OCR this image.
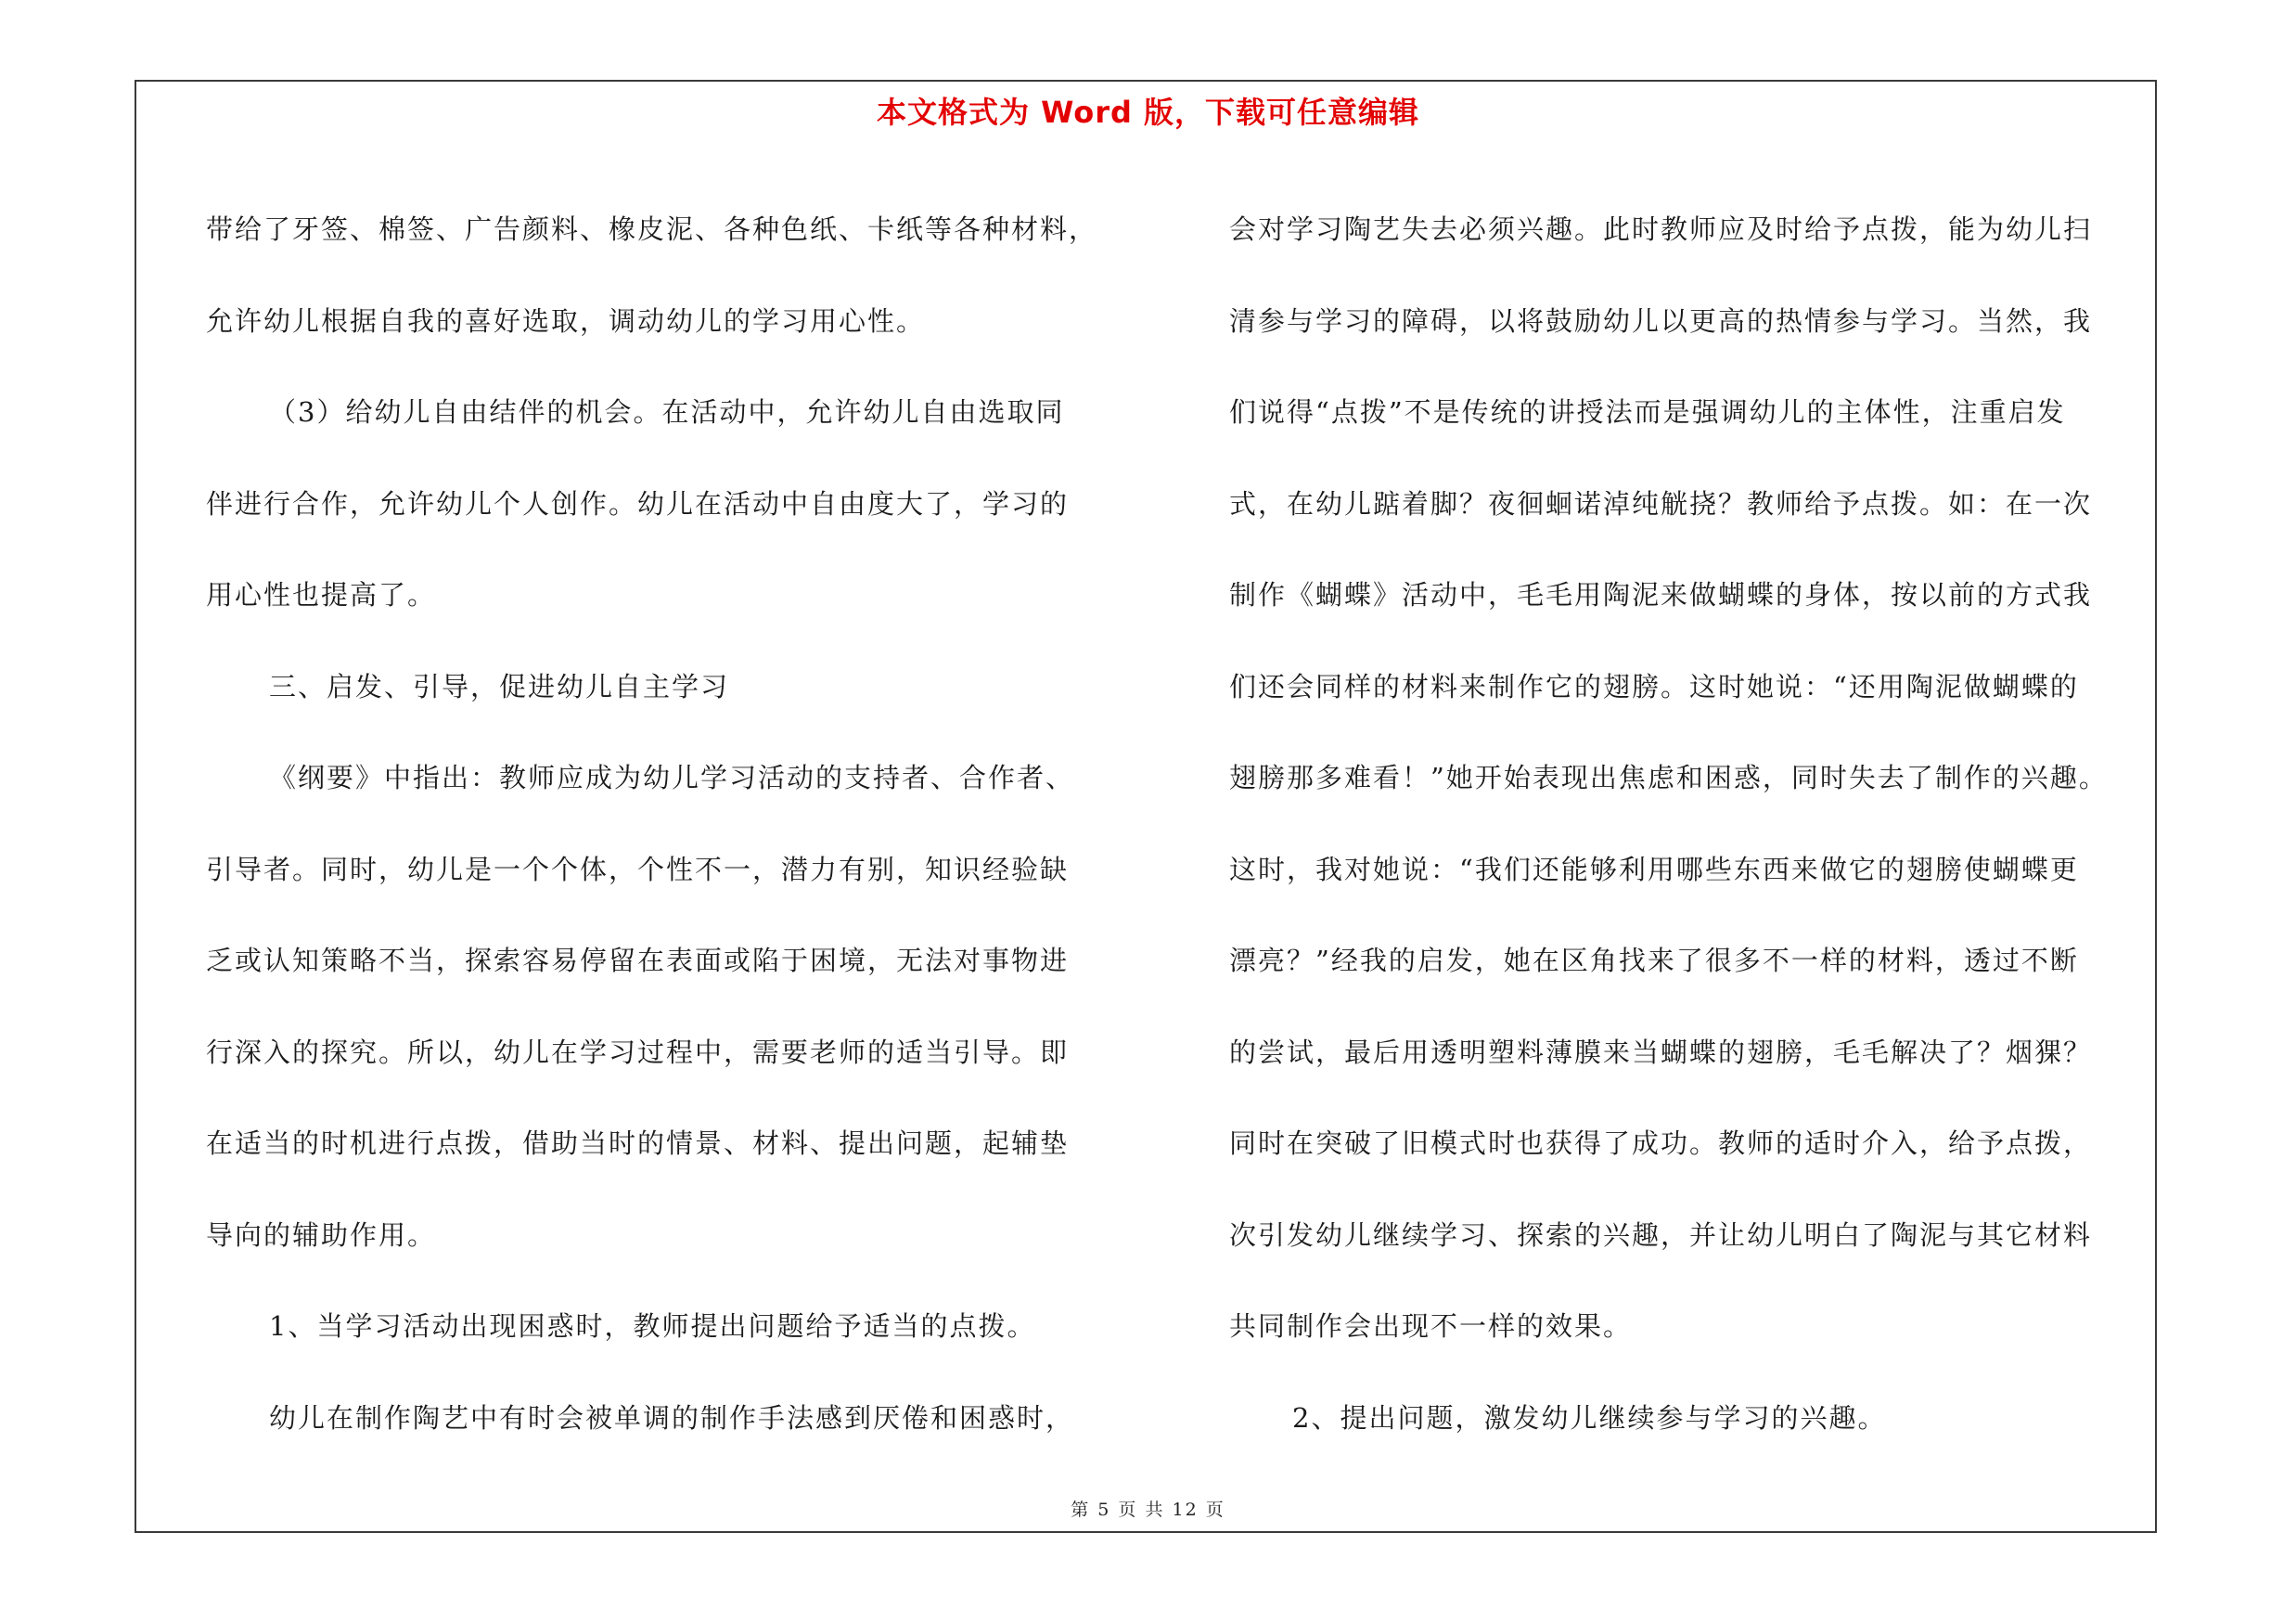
本文格式为 Word 版，下载可任意编辑
带给了牙签、棉签、广告颜料、橡皮泥、各种色纸、卡纸等各种材料，
允许幼儿根据自我的喜好选取，调动幼儿的学习用心性。
（3）给幼儿自由结伴的机会。在活动中，允许幼儿自由选取同
伴进行合作，允许幼儿个人创作。幼儿在活动中自由度大了，学习的
用心性也提高了。
三、启发、引导，促进幼儿自主学习
《纲要》中指出：教师应成为幼儿学习活动的支持者、合作者、
引导者。同时，幼儿是一个个体，个性不一，潜力有别，知识经验缺
乏或认知策略不当，探索容易停留在表面或陷于困境，无法对事物进
行深入的探究。所以，幼儿在学习过程中，需要老师的适当引导。即
在适当的时机进行点拨，借助当时的情景、材料、提出问题，起辅垫
导向的辅助作用。
1、当学习活动出现困惑时，教师提出问题给予适当的点拨。
幼儿在制作陶艺中有时会被单调的制作手法感到厌倦和困惑时，
会对学习陶艺失去必须兴趣。此时教师应及时给予点拨，能为幼儿扫
清参与学习的障碍，以将鼓励幼儿以更高的热情参与学习。当然，我
们说得“点拨”不是传统的讲授法而是强调幼儿的主体性，注重启发
式，在幼儿踮着脚？夜徊蛔诺淖纯觥挠？教师给予点拨。如：在一次
制作《蝴蝶》活动中，毛毛用陶泥来做蝴蝶的身体，按以前的方式我
们还会同样的材料来制作它的翅膀。这时她说：“还用陶泥做蝴蝶的
翅膀那多难看！”她开始表现出焦虑和困惑，同时失去了制作的兴趣。
这时，我对她说：“我们还能够利用哪些东西来做它的翅膀使蝴蝶更
漂亮？”经我的启发，她在区角找来了很多不一样的材料，透过不断
的尝试，最后用透明塑料薄膜来当蝴蝶的翅膀，毛毛解决了？烟猓？
同时在突破了旧模式时也获得了成功。教师的适时介入，给予点拨，
次引发幼儿继续学习、探索的兴趣，并让幼儿明白了陶泥与其它材料
共同制作会出现不一样的效果。
2、提出问题，激发幼儿继续参与学习的兴趣。
第 5 页 共 12 页
